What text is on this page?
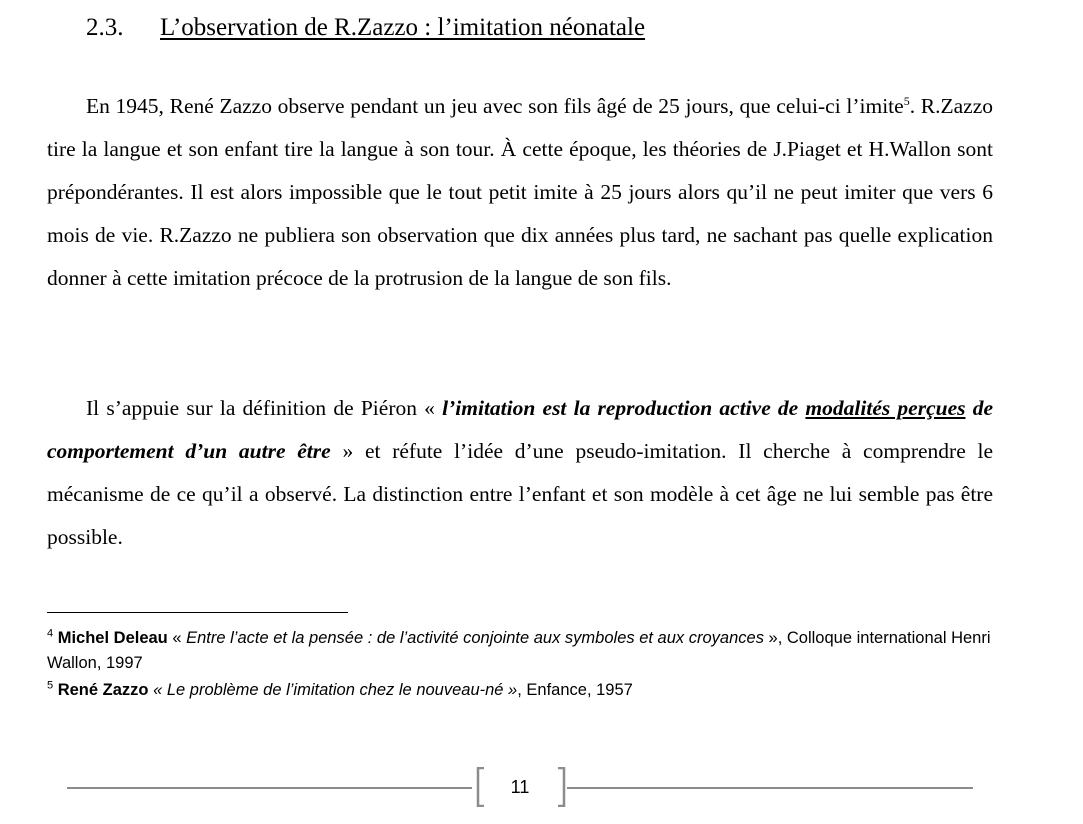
2.3. L’observation de R.Zazzo : l’imitation néonatale

En 1945, René Zazzo observe pendant un jeu avec son fils âgé de 25 jours, que celui-ci l’imite$^5$. R.Zazzo tire la langue et son enfant tire la langue à son tour. À cette époque, les théories de J.Piaget et H.Wallon sont prépondérantes. Il est alors impossible que le tout petit imite à 25 jours alors qu’il ne peut imiter que vers 6 mois de vie. R.Zazzo ne publiera son observation que dix années plus tard, ne sachant pas quelle explication donner à cette imitation précoce de la protrusion de la langue de son fils.

Il s’appuie sur la définition de Piéron « l’imitation est la reproduction active de modalités perçues de comportement d’un autre être » et réfute l’idée d’une pseudo-imitation. Il cherche à comprendre le mécanisme de ce qu’il a observé. La distinction entre l’enfant et son modèle à cet âge ne lui semble pas être possible.

$^4$ Michel Deleau « Entre l’acte et la pensée : de l’activité conjointe aux symboles et aux croyances », Colloque international Henri Wallon, 1997

$^5$ René Zazzo « Le problème de l’imitation chez le nouveau-né », Enfance, 1957

11
